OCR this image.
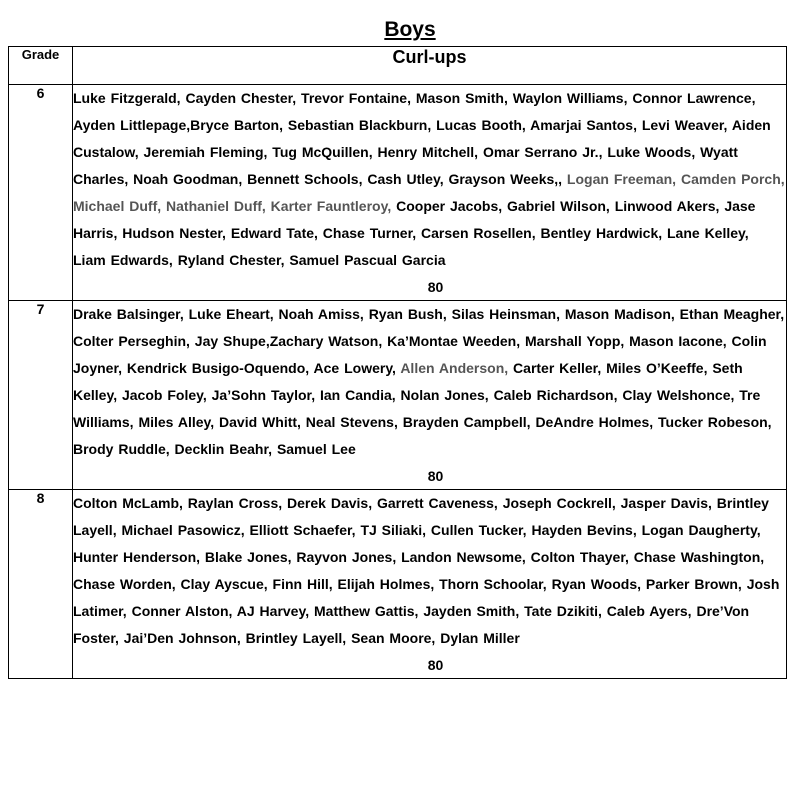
Boys
Grade	Curl-ups
6	Luke Fitzgerald, Cayden Chester, Trevor Fontaine, Mason Smith, Waylon Williams, Connor Lawrence, Ayden Littlepage,Bryce Barton, Sebastian Blackburn, Lucas Booth, Amarjai Santos, Levi Weaver, Aiden Custalow, Jeremiah Fleming, Tug McQuillen, Henry Mitchell, Omar Serrano Jr., Luke Woods, Wyatt Charles, Noah Goodman, Bennett Schools, Cash Utley, Grayson Weeks,, Logan Freeman, Camden Porch, Michael Duff, Nathaniel Duff, Karter Fauntleroy, Cooper Jacobs, Gabriel Wilson, Linwood Akers, Jase Harris, Hudson Nester, Edward Tate, Chase Turner, Carsen Rosellen, Bentley Hardwick, Lane Kelley, Liam Edwards, Ryland Chester, Samuel Pascual Garcia
80

7	Drake Balsinger, Luke Eheart, Noah Amiss, Ryan Bush, Silas Heinsman, Mason Madison, Ethan Meagher, Colter Perseghin, Jay Shupe,Zachary Watson, Ka’Montae Weeden, Marshall Yopp, Mason Iacone, Colin Joyner, Kendrick Busigo-Oquendo, Ace Lowery, Allen Anderson, Carter Keller, Miles O’Keeffe, Seth Kelley, Jacob Foley, Ja’Sohn Taylor, Ian Candia, Nolan Jones, Caleb Richardson, Clay Welshonce, Tre Williams, Miles Alley, David Whitt, Neal Stevens, Brayden Campbell, DeAndre Holmes, Tucker Robeson, Brody Ruddle, Decklin Beahr, Samuel Lee
80

8	Colton McLamb, Raylan Cross, Derek Davis, Garrett Caveness, Joseph Cockrell, Jasper Davis, Brintley Layell, Michael Pasowicz, Elliott Schaefer, TJ Siliaki, Cullen Tucker, Hayden Bevins, Logan Daugherty, Hunter Henderson, Blake Jones, Rayvon Jones, Landon Newsome, Colton Thayer, Chase Washington, Chase Worden, Clay Ayscue, Finn Hill, Elijah Holmes, Thorn Schoolar, Ryan Woods, Parker Brown, Josh Latimer, Conner Alston, AJ Harvey, Matthew Gattis, Jayden Smith, Tate Dzikiti, Caleb Ayers, Dre’Von Foster, Jai’Den Johnson, Brintley Layell, Sean Moore, Dylan Miller
80
